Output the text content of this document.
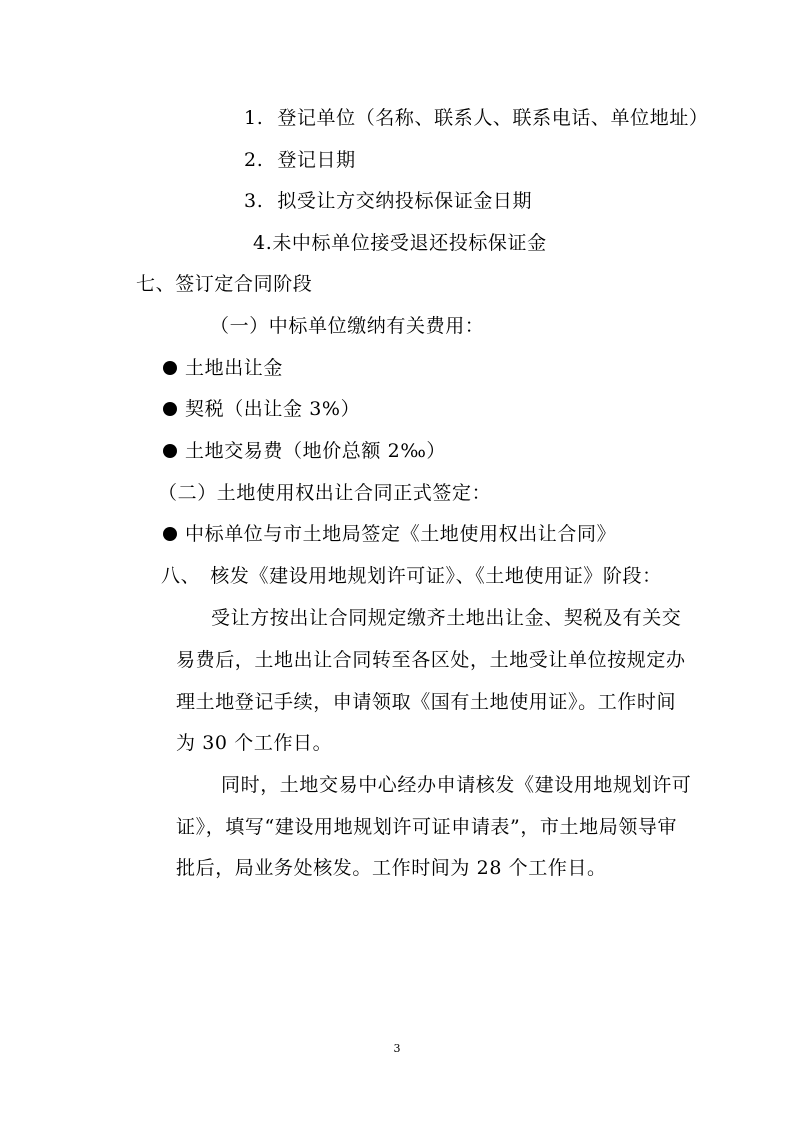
1. 登记单位（名称、联系人、联系电话、单位地址）
2. 登记日期
3. 拟受让方交纳投标保证金日期
4.未中标单位接受退还投标保证金
七、签订定合同阶段
（一）中标单位缴纳有关费用：
土地出让金
契税（出让金 3%）
土地交易费（地价总额 2‰）
（二）土地使用权出让合同正式签定：
中标单位与市土地局签定《土地使用权出让合同》
八、　核发《建设用地规划许可证》、《土地使用证》阶段：
受让方按出让合同规定缴齐土地出让金、契税及有关交
易费后，土地出让合同转至各区处，土地受让单位按规定办
理土地登记手续，申请领取《国有土地使用证》。工作时间
为 30 个工作日。
同时，土地交易中心经办申请核发《建设用地规划许可
证》，填写“建设用地规划许可证申请表”，市土地局领导审
批后，局业务处核发。工作时间为 28 个工作日。
3
